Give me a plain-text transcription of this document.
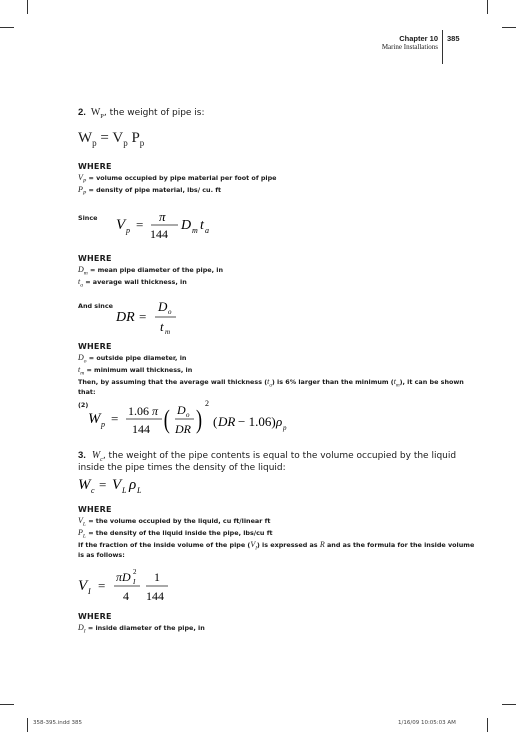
Chapter 10
Marine Installations
385
2. $W_P$, the weight of pipe is:
$W_p = V_p$ $P_p$
WHERE
$V_P$ = volume occupied by pipe material per foot of pipe
$P_P$ = density of pipe material, lbs/ cu. ft
Since V p =
π
144
D m t a
WHERE
$D_m$ = mean pipe diameter of the pipe, in
$t_a$ = average wall thickness, in
And since
DR =
D o
t m
WHERE
$D_o$ = outside pipe diameter, in
$t_m$ = minimum wall thickness, in
Then, by assuming that the average wall thickness $(t_a)$ is 6% larger than the minimum $(t_m)$, it can be shown
that:
(2)
W p = 1.06 π
144 ( D o
DR )
2
( DR − 1.06) ρ p
3. $W_c$, the weight of the pipe contents is equal to the volume occupied by the liquid
inside the pipe times the density of the liquid:
W c = V L ρ L
WHERE
$V_L$ = the volume occupied by the liquid, cu ft/linear ft
$P_L$ = the density of the liquid inside the pipe, lbs/cu ft
If the fraction of the inside volume of the pipe $(V_I)$ is expressed as R and as the formula for the inside volume
is as follows:
V I =
πD 2
I
4
1
144
WHERE
$D_I$ = inside diameter of the pipe, in
358-395.indd 385	1/16/09 10:05:03 AM
